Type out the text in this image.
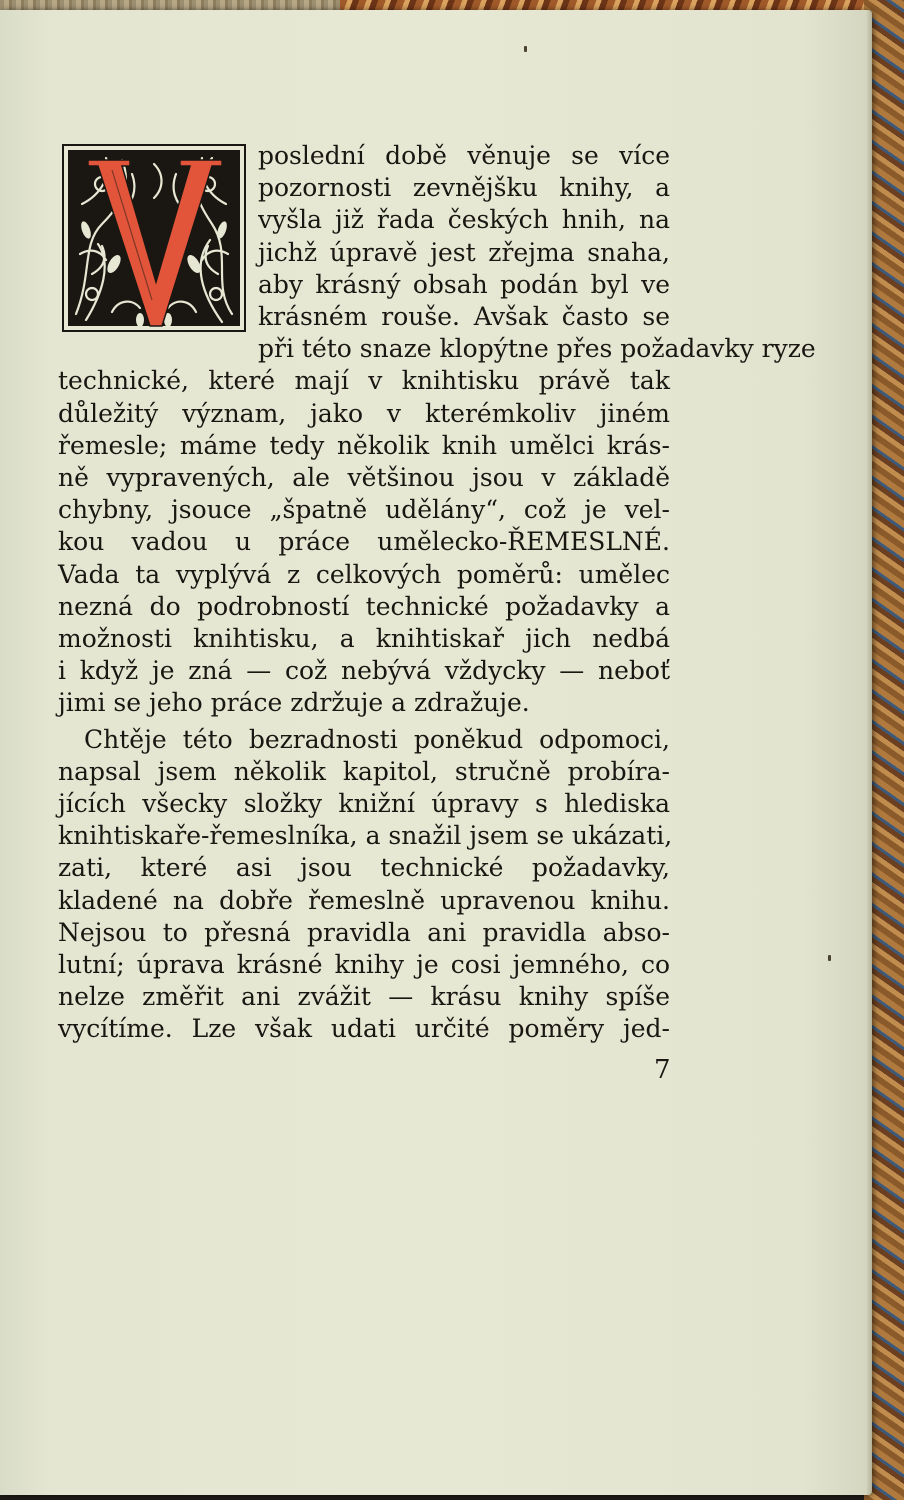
poslední době věnuje se více
pozornosti zevnějšku knihy, a
vyšla již řada českých hnih, na
jichž úpravě jest zřejma snaha,
aby krásný obsah podán byl ve
krásném rouše. Avšak často se
při této snaze klopýtne přes požadavky ryze
technické, které mají v knihtisku právě tak
důležitý význam, jako v kterémkoliv jiném
řemesle; máme tedy několik knih umělci krás-
ně vypravených, ale většinou jsou v základě
chybny, jsouce „špatně udělány“, což je vel-
kou vadou u práce umělecko-ŘEMESLNÉ.
Vada ta vyplývá z celkových poměrů: umělec
nezná do podrobností technické požadavky a
možnosti knihtisku, a knihtiskař jich nedbá
i když je zná — což nebývá vždycky — neboť
jimi se jeho práce zdržuje a zdražuje.
Chtěje této bezradnosti poněkud odpomoci,
napsal jsem několik kapitol, stručně probíra-
jících všecky složky knižní úpravy s hlediska
knihtiskaře-řemeslníka, a snažil jsem se ukázati,
zati, které asi jsou technické požadavky,
kladené na dobře řemeslně upravenou knihu.
Nejsou to přesná pravidla ani pravidla abso-
lutní; úprava krásné knihy je cosi jemného, co
nelze změřit ani zvážit — krásu knihy spíše
vycítíme. Lze však udati určité poměry jed-
7
